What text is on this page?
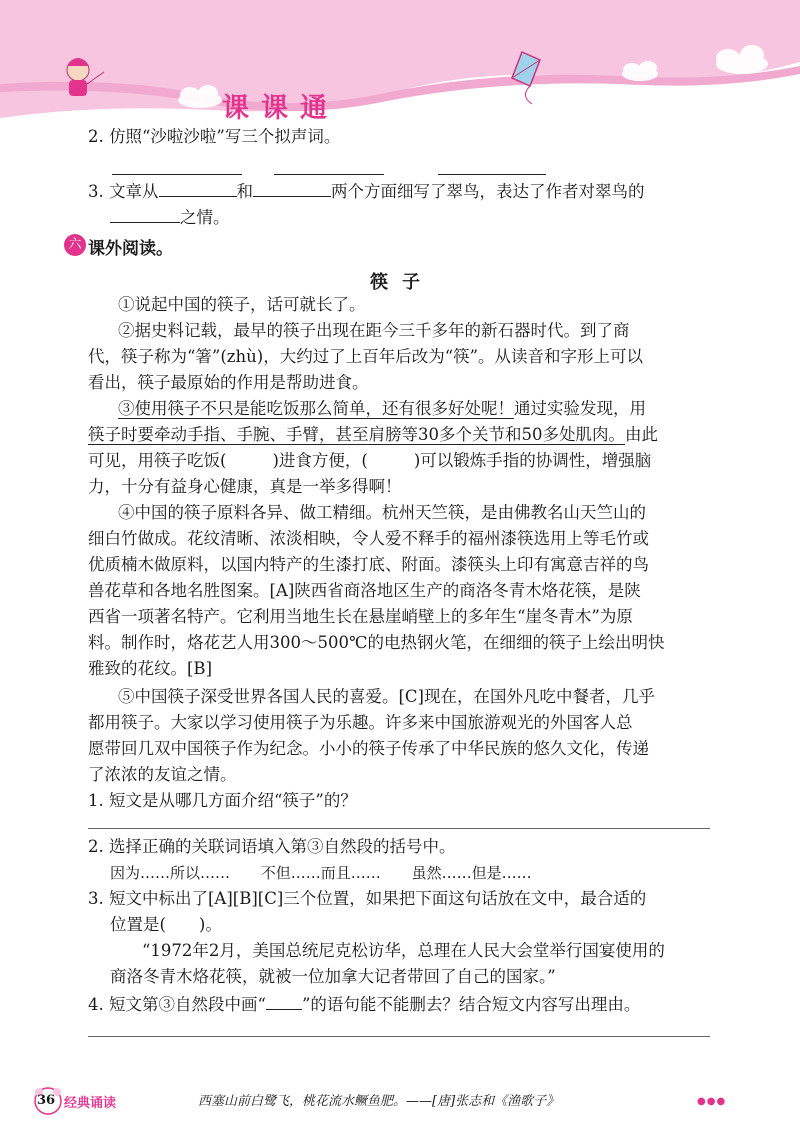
课课通
2. 仿照“沙啦沙啦”写三个拟声词。
3. 文章从	和	两个方面细写了翠鸟，表达了作者对翠鸟的
之情。
六 课外阅读。
筷子
①说起中国的筷子，话可就长了。
②据史料记载，最早的筷子出现在距今三千多年的新石器时代。到了商
代，筷子称为“箸”(zhù)，大约过了上百年后改为“筷”。从读音和字形上可以
看出，筷子最原始的作用是帮助进食。
③使用筷子不只是能吃饭那么简单，还有很多好处呢！通过实验发现，用
筷子时要牵动手指、手腕、手臂，甚至肩膀等30多个关节和50多处肌肉。由此
可见，用筷子吃饭(	)进食方便，(	)可以锻炼手指的协调性，增强脑
力，十分有益身心健康，真是一举多得啊！
④中国的筷子原料各异、做工精细。杭州天竺筷，是由佛教名山天竺山的
细白竹做成。花纹清晰、浓淡相映，令人爱不释手的福州漆筷选用上等毛竹或
优质楠木做原料，以国内特产的生漆打底、附面。漆筷头上印有寓意吉祥的鸟
兽花草和各地名胜图案。[A]陕西省商洛地区生产的商洛冬青木烙花筷，是陕
西省一项著名特产。它利用当地生长在悬崖峭壁上的多年生“崖冬青木”为原
料。制作时，烙花艺人用300～500℃的电热钢火笔，在细细的筷子上绘出明快
雅致的花纹。[B]
⑤中国筷子深受世界各国人民的喜爱。[C]现在，在国外凡吃中餐者，几乎
都用筷子。大家以学习使用筷子为乐趣。许多来中国旅游观光的外国客人总
愿带回几双中国筷子作为纪念。小小的筷子传承了中华民族的悠久文化，传递
了浓浓的友谊之情。
1. 短文是从哪几方面介绍“筷子”的？
2. 选择正确的关联词语填入第③自然段的括号中。
因为……所以…… 不但……而且…… 虽然……但是……
3. 短文中标出了[A][B][C]三个位置，如果把下面这句话放在文中，最合适的
位置是(　　)。
“1972年2月，美国总统尼克松访华，总理在人民大会堂举行国宴使用的
商洛冬青木烙花筷，就被一位加拿大记者带回了自己的国家。”
4. 短文第③自然段中画“ ”的语句能不能删去？结合短文内容写出理由。
36 经典诵读	西塞山前白鹭飞，桃花流水鳜鱼肥。——[唐]张志和《渔歌子》	●●●
